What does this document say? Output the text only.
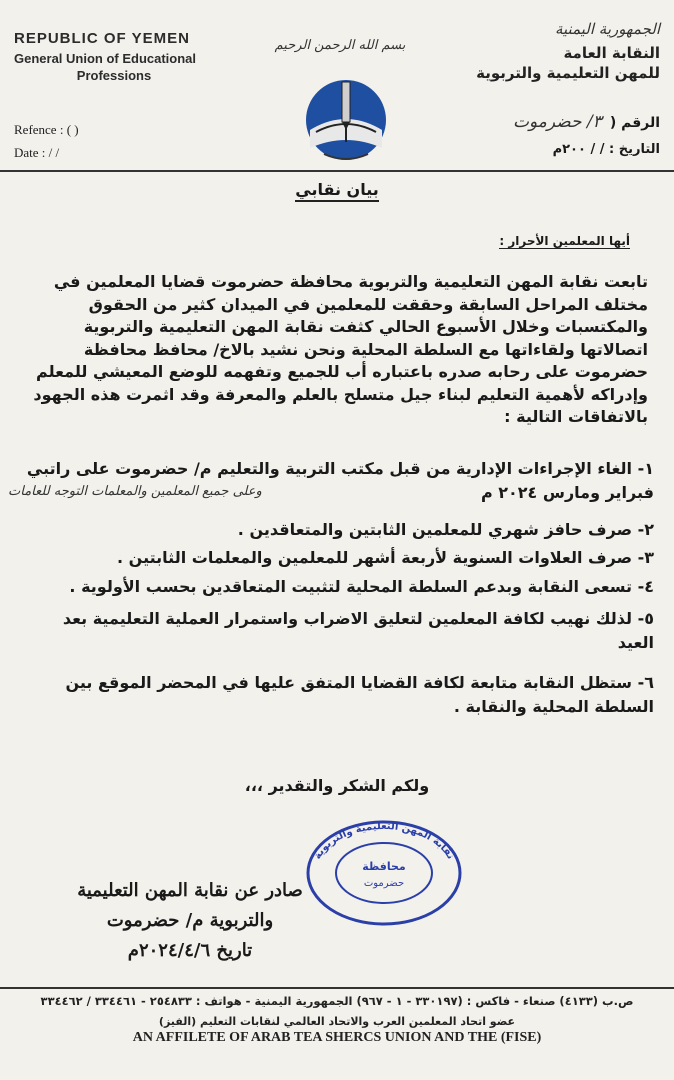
REPUBLIC OF YEMEN
General Union of Educational
Professions
Refence : ( )
Date : / /
بسم الله الرحمن الرحيم
الجمهورية اليمنية
النقابة العامة
للمهن التعليمية والتربوية
الرقم (٣/ حضرموت
التاريخ : / / ٢٠٠م
بيان نقابي
أيها المعلمين الأحرار :
تابعت نقابة المهن التعليمية والتربوية محافظة حضرموت قضايا المعلمين في مختلف المراحل السابقة وحققت للمعلمين في الميدان كثير من الحقوق والمكتسبات وخلال الأسبوع الحالي كثفت نقابة المهن التعليمية والتربوية اتصالاتها ولقاءاتها مع السلطة المحلية ونحن نشيد بالاخ/ محافظ محافظة حضرموت على رحابه صدره باعتباره أب للجميع وتفهمه للوضع المعيشي للمعلم وإدراكه لأهمية التعليم لبناء جيل متسلح بالعلم والمعرفة وقد اثمرت هذه الجهود بالاتفاقات التالية :
١- الغاء الإجراءات الإدارية من قبل مكتب التربية والتعليم م/ حضرموت على راتبي فبراير ومارس ٢٠٢٤ م
وعلى جميع المعلمين والمعلمات التوجه للعامات
٢- صرف حافز شهري للمعلمين الثابتين والمتعاقدين .
٣- صرف العلاوات السنوية لأربعة أشهر للمعلمين والمعلمات الثابتين .
٤- تسعى النقابة وبدعم السلطة المحلية لتثبيت المتعاقدين بحسب الأولوية .
٥- لذلك نهيب لكافة المعلمين لتعليق الاضراب واستمرار العملية التعليمية بعد العيد
٦- ستظل النقابة متابعة لكافة القضايا المتفق عليها في المحضر الموقع بين السلطة المحلية والنقابة .
ولكم الشكر والتقدير ،،،
نقابة المهن التعليمية والتربوية
محافظة
حضرموت
صادر عن نقابة المهن التعليمية
والتربوية م/ حضرموت
تاريخ ٢٠٢٤/٤/٦م
ص.ب (٤١٣٣) صنعاء - فاكس : (٣٣٠١٩٧ - ١ - ٩٦٧) الجمهورية اليمنية - هواتف : ٢٥٤٨٣٣ - ٣٣٤٤٦١ / ٣٣٤٤٦٢
عضو اتحاد المعلمين العرب والاتحاد العالمي لنقابات التعليم (الفيز)
AN AFFILETE OF ARAB TEA SHERCS UNION AND THE (FISE)
